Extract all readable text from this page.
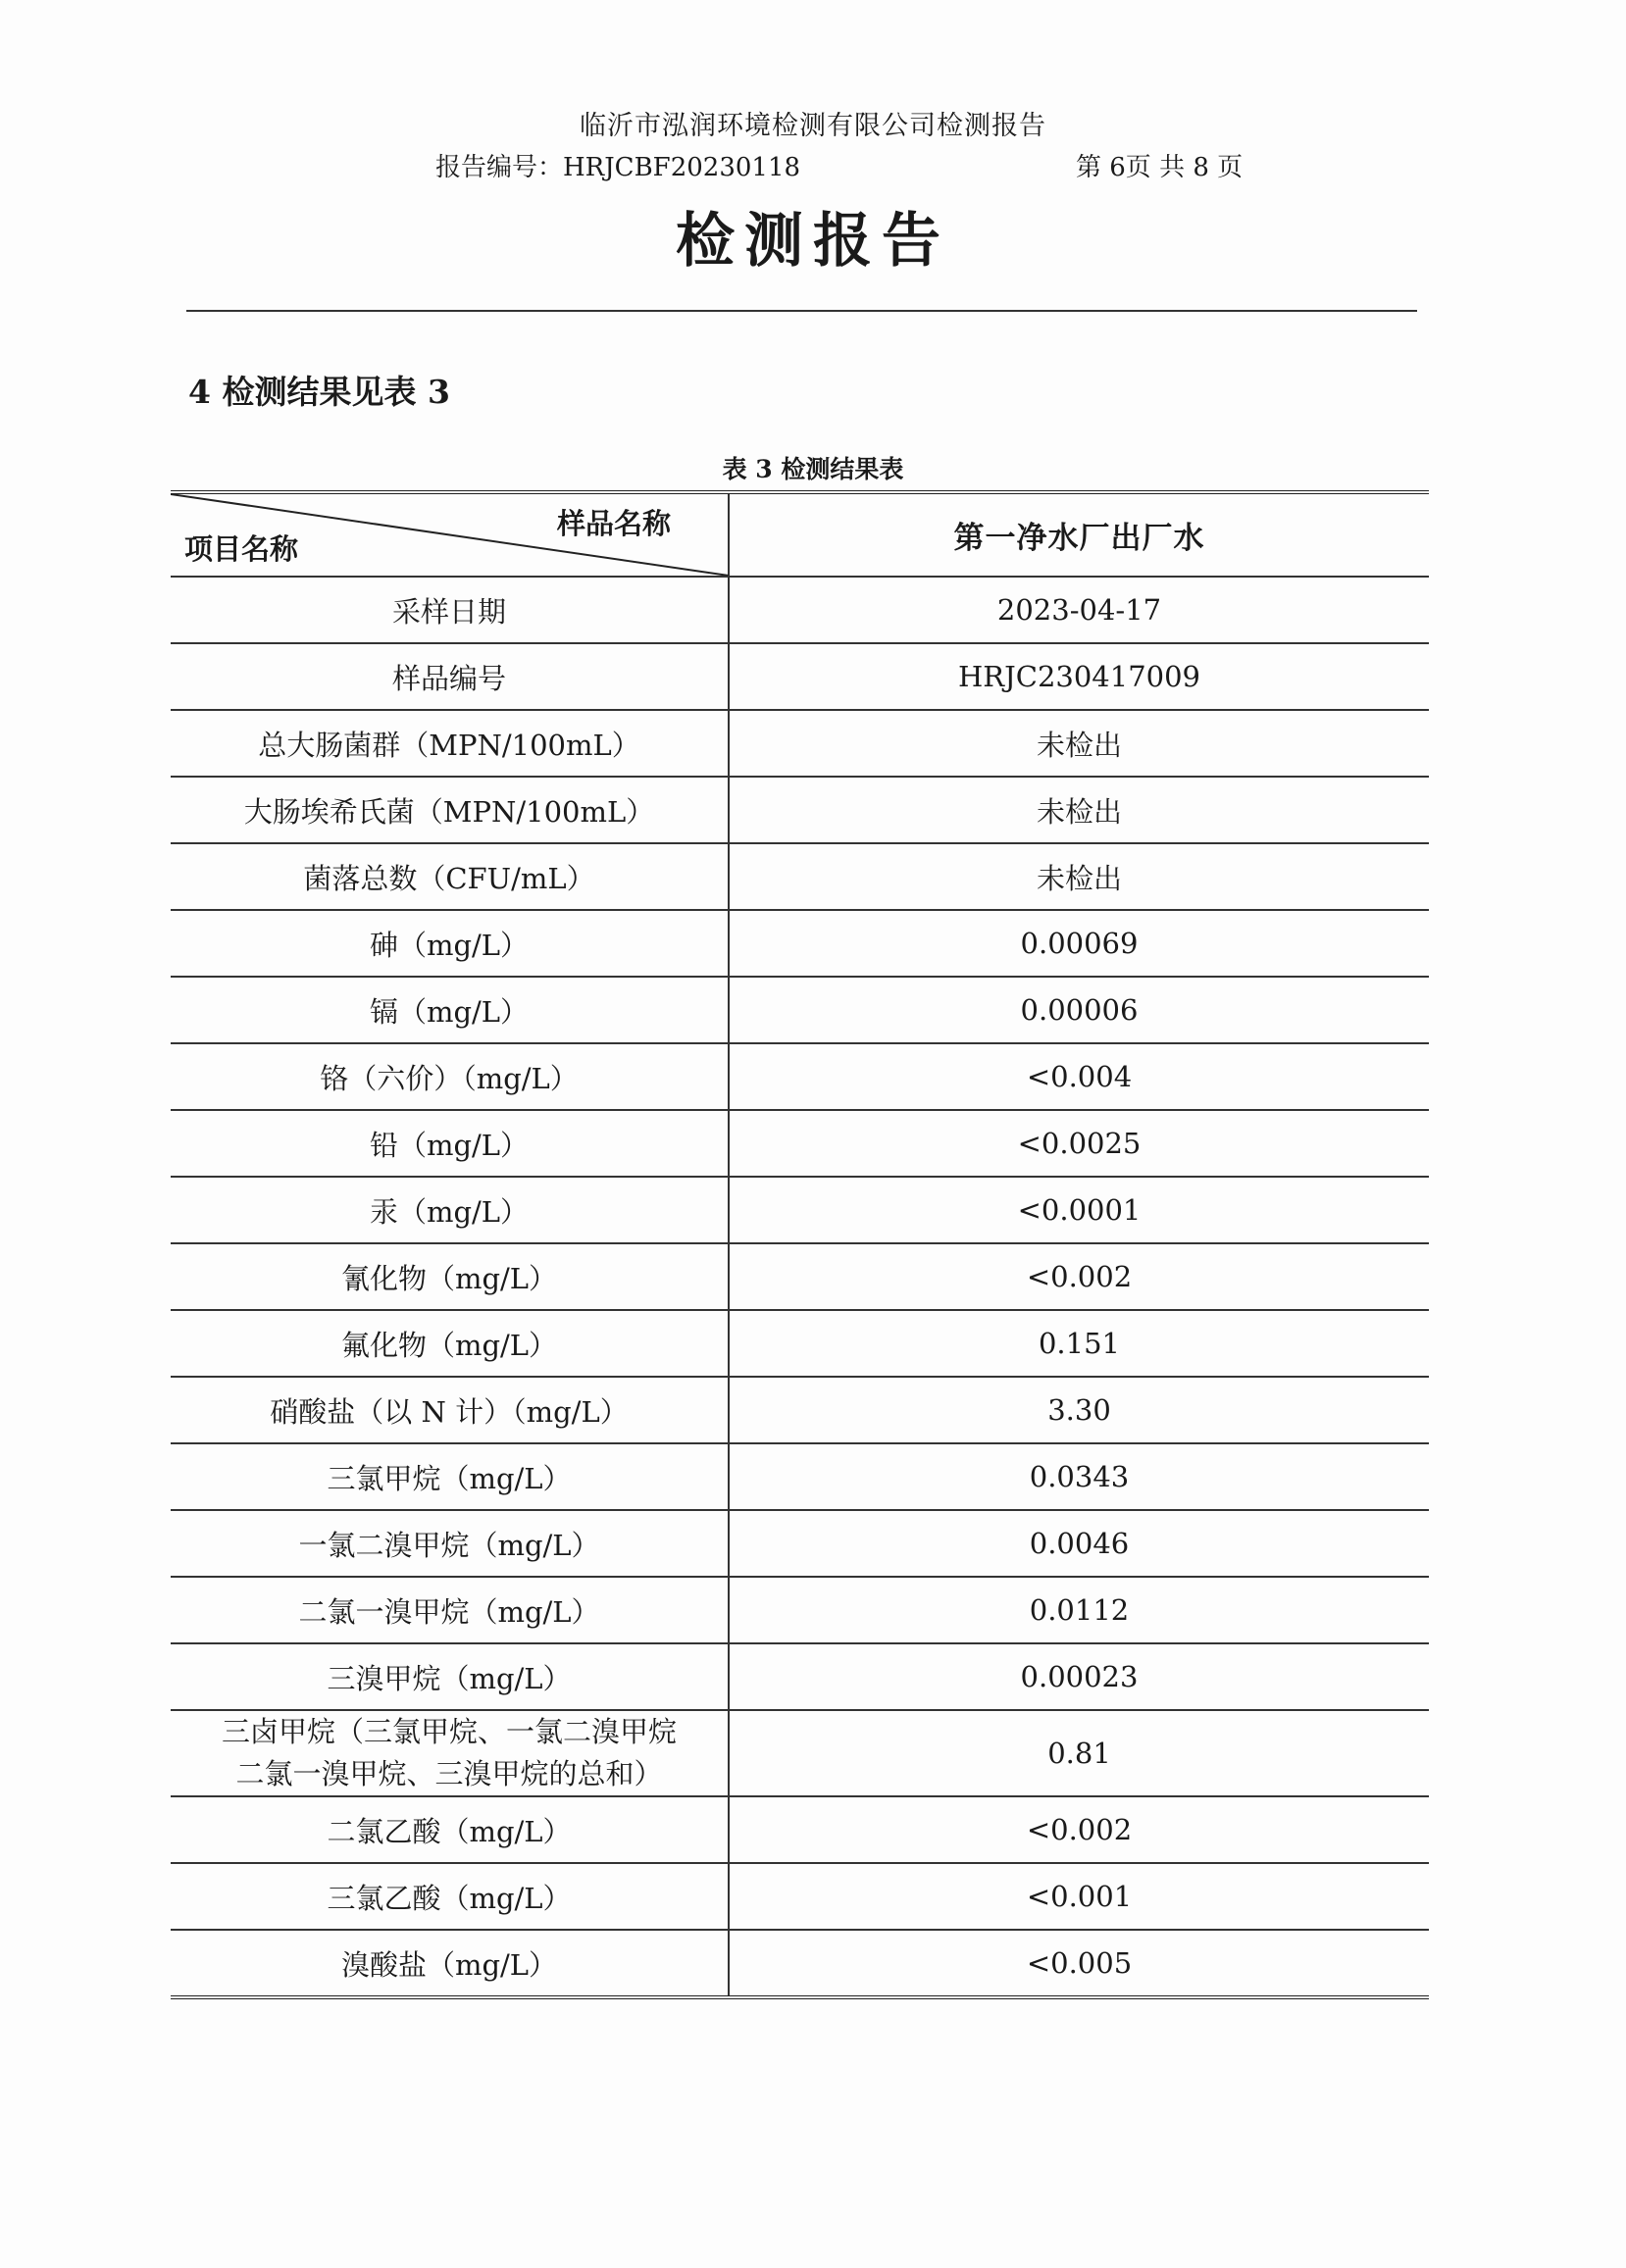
临沂市泓润环境检测有限公司检测报告
报告编号：HRJCBF20230118	第 6页 共 8 页
检测报告
4 检测结果见表 3
表 3 检测结果表
样品名称
项目名称	第一净水厂出厂水
采样日期	2023-04-17
样品编号	HRJC230417009
总大肠菌群（MPN/100mL）	未检出
大肠埃希氏菌（MPN/100mL）	未检出
菌落总数（CFU/mL）	未检出
砷（mg/L）	0.00069
镉（mg/L）	0.00006
铬（六价）（mg/L）	<0.004
铅（mg/L）	<0.0025
汞（mg/L）	<0.0001
氰化物（mg/L）	<0.002
氟化物（mg/L）	0.151
硝酸盐（以 N 计）（mg/L）	3.30
三氯甲烷（mg/L）	0.0343
一氯二溴甲烷（mg/L）	0.0046
二氯一溴甲烷（mg/L）	0.0112
三溴甲烷（mg/L）	0.00023

三卤甲烷（三氯甲烷、一氯二溴甲烷
二氯一溴甲烷、三溴甲烷的总和）	0.81
二氯乙酸（mg/L）	<0.002
三氯乙酸（mg/L）	<0.001
溴酸盐（mg/L）	<0.005
